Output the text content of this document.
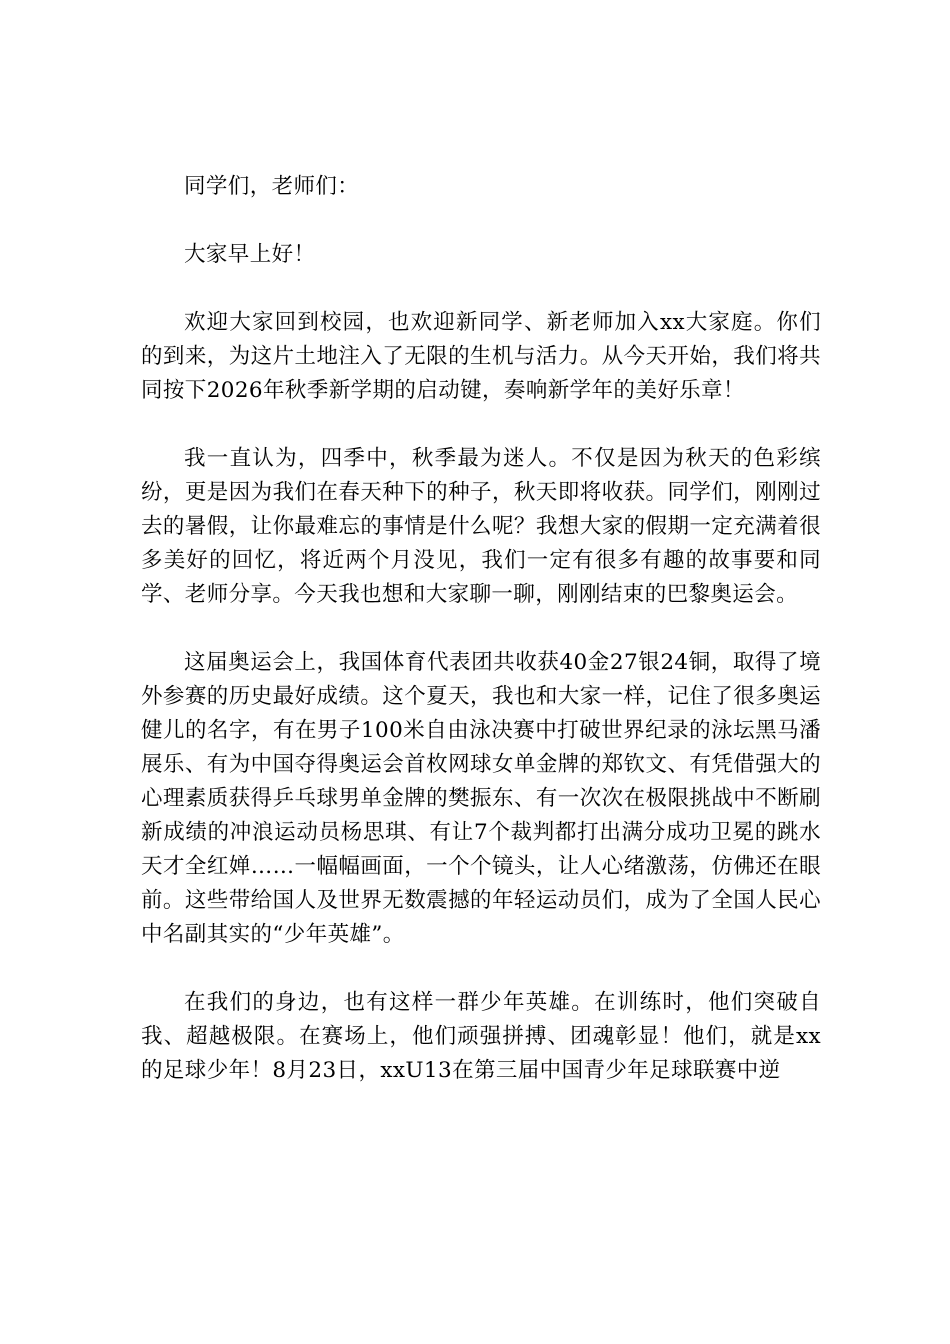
同学们，老师们：

大家早上好！

欢迎大家回到校园，也欢迎新同学、新老师加入xx大家庭。你们的到来，为这片土地注入了无限的生机与活力。从今天开始，我们将共同按下2026年秋季新学期的启动键，奏响新学年的美好乐章！

我一直认为，四季中，秋季最为迷人。不仅是因为秋天的色彩缤纷，更是因为我们在春天种下的种子，秋天即将收获。同学们，刚刚过去的暑假，让你最难忘的事情是什么呢？我想大家的假期一定充满着很多美好的回忆，将近两个月没见，我们一定有很多有趣的故事要和同学、老师分享。今天我也想和大家聊一聊，刚刚结束的巴黎奥运会。

这届奥运会上，我国体育代表团共收获40金27银24铜，取得了境外参赛的历史最好成绩。这个夏天，我也和大家一样，记住了很多奥运健儿的名字，有在男子100米自由泳决赛中打破世界纪录的泳坛黑马潘展乐、有为中国夺得奥运会首枚网球女单金牌的郑钦文、有凭借强大的心理素质获得乒乓球男单金牌的樊振东、有一次次在极限挑战中不断刷新成绩的冲浪运动员杨思琪、有让7个裁判都打出满分成功卫冕的跳水天才全红婵……一幅幅画面，一个个镜头，让人心绪激荡，仿佛还在眼前。这些带给国人及世界无数震撼的年轻运动员们，成为了全国人民心中名副其实的“少年英雄”。

在我们的身边，也有这样一群少年英雄。在训练时，他们突破自我、超越极限。在赛场上，他们顽强拼搏、团魂彰显！他们，就是xx的足球少年！8月23日，xxU13在第三届中国青少年足球联赛中逆
